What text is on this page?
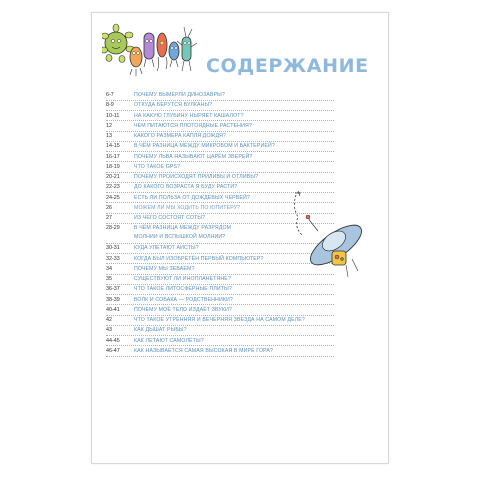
СОДЕРЖАНИЕ
6-7	ПОЧЕМУ ВЫМЕРЛИ ДИНОЗАВРЫ?
8-9	ОТКУДА БЕРУТСЯ ВУЛКАНЫ?
10-11	НА КАКУЮ ГЛУБИНУ НЫРЯЕТ КАШАЛОТ?
12	ЧЕМ ПИТАЮТСЯ ПЛОТОЯДНЫЕ РАСТЕНИЯ?
13	КАКОГО РАЗМЕРА КАПЛЯ ДОЖДЯ?
14-15	В ЧЁМ РАЗНИЦА МЕЖДУ МИКРОБОМ И БАКТЕРИЕЙ?
16-17	ПОЧЕМУ ЛЬВА НАЗЫВАЮТ ЦАРЁМ ЗВЕРЕЙ?
18-19	ЧТО ТАКОЕ GPS?
20-21	ПОЧЕМУ ПРОИСХОДЯТ ПРИЛИВЫ И ОТЛИВЫ?
22-23	ДО КАКОГО ВОЗРАСТА Я БУДУ РАСТИ?
24-25	ЕСТЬ ЛИ ПОЛЬЗА ОТ ДОЖДЕВЫХ ЧЕРВЕЙ?
26	МОЖЕМ ЛИ МЫ ХОДИТЬ ПО ЮПИТЕРУ?
27	ИЗ ЧЕГО СОСТОЯТ СОТЫ?
28-29	В ЧЁМ РАЗНИЦА МЕЖДУ РАЗРЯДОМ
МОЛНИИ И ВСПЫШКОЙ МОЛНИИ?
30-31	КУДА УЛЕТАЮТ АИСТЫ?
32-33	КОГДА БЫЛ ИЗОБРЕТЁН ПЕРВЫЙ КОМПЬЮТЕР?
34	ПОЧЕМУ МЫ ЗЕВАЕМ?
35	СУЩЕСТВУЮТ ЛИ ИНОПЛАНЕТЯНЕ?
36-37	ЧТО ТАКОЕ ЛИТОСФЕРНЫЕ ПЛИТЫ?
38-39	ВОЛК И СОБАКА — РОДСТВЕННИКИ?
40-41	ПОЧЕМУ МОЁ ТЕЛО ИЗДАЁТ ЗВУКИ?
42	ЧТО ТАКОЕ УТРЕННЯЯ И ВЕЧЕРНЯЯ ЗВЕЗДА НА САМОМ ДЕЛЕ?
43	КАК ДЫШАТ РЫБЫ?
44-45	КАК ЛЕТАЮТ САМОЛЁТЫ?
46-47	КАК НАЗЫВАЕТСЯ САМАЯ ВЫСОКАЯ В МИРЕ ГОРА?
